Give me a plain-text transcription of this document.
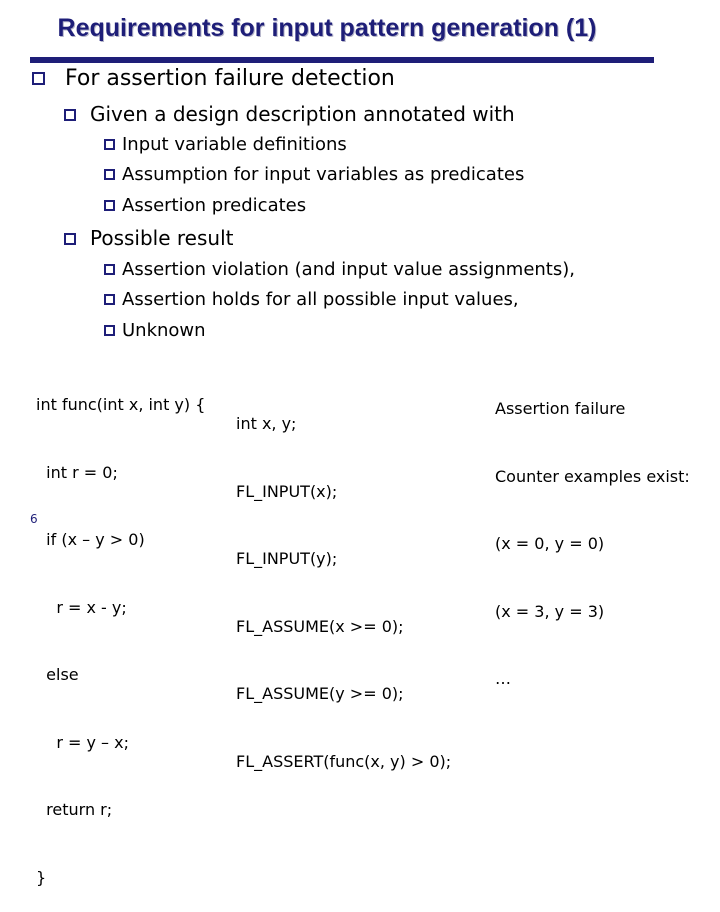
Requirements for input pattern generation (1)
For assertion failure detection
Given a design description annotated with
Input variable definitions
Assumption for input variables as predicates
Assertion predicates
Possible result
Assertion violation (and input value assignments),
Assertion holds for all possible input values,
Unknown

int func(int x, int y) {

int r = 0;

if (x – y > 0)

r = x - y;

else

r = y – x;

return r;

}

int x, y;

FL_INPUT(x);

FL_INPUT(y);

FL_ASSUME(x >= 0);

FL_ASSUME(y >= 0);

FL_ASSERT(func(x, y) > 0);

Assertion failure

Counter examples exist:

(x = 0, y = 0)

(x = 3, y = 3)

…

6
